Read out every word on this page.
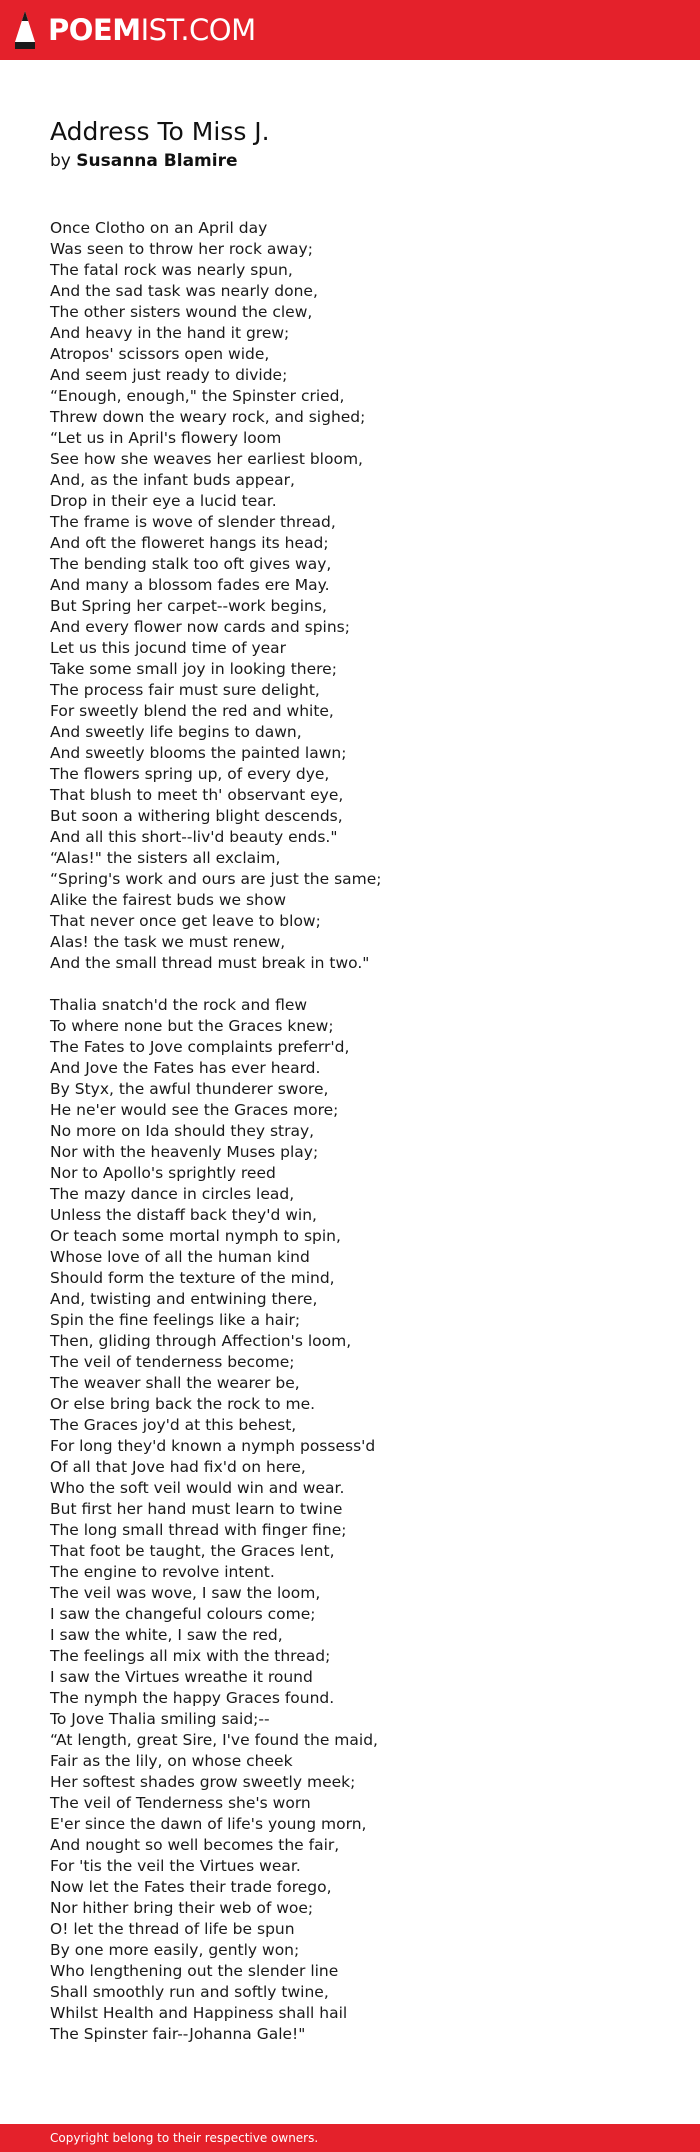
POEMIST.COM
Address To Miss J.
by Susanna Blamire

Once Clotho on an April day
Was seen to throw her rock away;
The fatal rock was nearly spun,
And the sad task was nearly done,
The other sisters wound the clew,
And heavy in the hand it grew;
Atropos' scissors open wide,
And seem just ready to divide;
“Enough, enough," the Spinster cried,
Threw down the weary rock, and sighed;
“Let us in April's flowery loom
See how she weaves her earliest bloom,
And, as the infant buds appear,
Drop in their eye a lucid tear.
The frame is wove of slender thread,
And oft the floweret hangs its head;
The bending stalk too oft gives way,
And many a blossom fades ere May.
But Spring her carpet--work begins,
And every flower now cards and spins;
Let us this jocund time of year
Take some small joy in looking there;
The process fair must sure delight,
For sweetly blend the red and white,
And sweetly life begins to dawn,
And sweetly blooms the painted lawn;
The flowers spring up, of every dye,
That blush to meet th' observant eye,
But soon a withering blight descends,
And all this short--liv'd beauty ends."
“Alas!" the sisters all exclaim,
“Spring's work and ours are just the same;
Alike the fairest buds we show
That never once get leave to blow;
Alas! the task we must renew,
And the small thread must break in two."

Thalia snatch'd the rock and flew
To where none but the Graces knew;
The Fates to Jove complaints preferr'd,
And Jove the Fates has ever heard.
By Styx, the awful thunderer swore,
He ne'er would see the Graces more;
No more on Ida should they stray,
Nor with the heavenly Muses play;
Nor to Apollo's sprightly reed
The mazy dance in circles lead,
Unless the distaff back they'd win,
Or teach some mortal nymph to spin,
Whose love of all the human kind
Should form the texture of the mind,
And, twisting and entwining there,
Spin the fine feelings like a hair;
Then, gliding through Affection's loom,
The veil of tenderness become;
The weaver shall the wearer be,
Or else bring back the rock to me.
The Graces joy'd at this behest,
For long they'd known a nymph possess'd
Of all that Jove had fix'd on here,
Who the soft veil would win and wear.
But first her hand must learn to twine
The long small thread with finger fine;
That foot be taught, the Graces lent,
The engine to revolve intent.
The veil was wove, I saw the loom,
I saw the changeful colours come;
I saw the white, I saw the red,
The feelings all mix with the thread;
I saw the Virtues wreathe it round
The nymph the happy Graces found.
To Jove Thalia smiling said;--
“At length, great Sire, I've found the maid,
Fair as the lily, on whose cheek
Her softest shades grow sweetly meek;
The veil of Tenderness she's worn
E'er since the dawn of life's young morn,
And nought so well becomes the fair,
For 'tis the veil the Virtues wear.
Now let the Fates their trade forego,
Nor hither bring their web of woe;
O! let the thread of life be spun
By one more easily, gently won;
Who lengthening out the slender line
Shall smoothly run and softly twine,
Whilst Health and Happiness shall hail
The Spinster fair--Johanna Gale!"

Copyright belong to their respective owners.
